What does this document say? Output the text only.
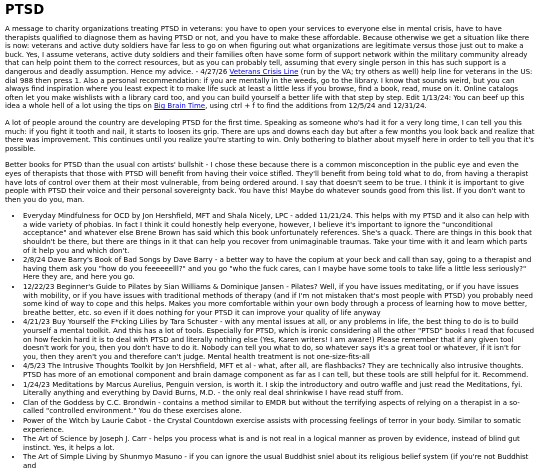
PTSD

A message to charity organizations treating PTSD in veterans: you have to open your services to everyone else in mental crisis, have to have therapists qualified to diagnose them as having PTSD or not, and you have to make these affordable. Because otherwise we get a situation like there is now: veterans and active duty soldiers have far less to go on when figuring out what organizations are legitimate versus those just out to make a buck. Yes, I assume veterans, active duty soldiers and their families often have some form of support network within the military community already that can help point them to the correct resources, but as you can probably tell, assuming that every single person in this has such support is a dangerous and deadly assumption. Hence my advice. - 4/27/26 Veterans Crisis Line (run by the VA; try others as well) help line for veterans in the US: dial 988 then press 1. Also a personal recommendation: if you are mentally in the weeds, go to the library. I know that sounds weird, but you can always find inspiration where you least expect it to make life suck at least a little less if you browse, find a book, read, muse on it. Online catalogs often let you make wishlists with a library card too, and you can build yourself a better life with that step by step. Edit 1/13/24: You can beef up this idea a whole hell of a lot using the tips on Big Brain Time, using ctrl + f to find the additions from 12/5/24 and 12/31/24.

A lot of people around the country are developing PTSD for the first time. Speaking as someone who's had it for a very long time, I can tell you this much: if you fight it tooth and nail, it starts to loosen its grip. There are ups and downs each day but after a few months you look back and realize that there was improvement. This continues until you realize you're starting to win. Only bothering to blather about myself here in order to tell you that it's possible.

Better books for PTSD than the usual con artists' bullshit - I chose these because there is a common misconception in the public eye and even the eyes of therapists that those with PTSD will benefit from having their voice stifled. They'll benefit from being told what to do, from having a therapist have lots of control over them at their most vulnerable, from being ordered around. I say that doesn't seem to be true. I think it is important to give people with PTSD their voice and their personal sovereignty back. You have this! Maybe do whatever sounds good from this list. If you don't want to then you do you, man.

• Everyday Mindfulness for OCD by Jon Hershfield, MFT and Shala Nicely, LPC - added 11/21/24. This helps with my PTSD and it also can help with a wide variety of phobias. In fact I think it could honestly help everyone, however, I believe it's important to ignore the "unconditional acceptance" and whatever else Brene Brown has said which this book unfortunately references. She's a quack. There are things in this book that shouldn't be there, but there are things in it that can help you recover from unimaginable traumas. Take your time with it and learn which parts of it help you and which don't.
• 2/8/24 Dave Barry's Book of Bad Songs by Dave Barry - a better way to have the copium at your beck and call than say, going to a therapist and having them ask you "how do you feeeeeelll?" and you go "who the fuck cares, can I maybe have some tools to take life a little less seriously?" Here they are, and here you go.
• 12/22/23 Beginner's Guide to Pilates by Sian Williams & Dominique Jansen - Pilates? Well, if you have issues meditating, or if you have issues with mobility, or if you have issues with traditional methods of therapy (and if I'm not mistaken that's most people with PTSD) you probably need some kind of way to cope and this helps. Makes you more comfortable within your own body through a process of learning how to move better, breathe better, etc. so even if it does nothing for your PTSD it can improve your quality of life anyway
• 4/21/23 Buy Yourself the F*cking Lilies by Tara Schuster - with any mental issues at all, or any problems in life, the best thing to do is to build yourself a mental toolkit. And this has a lot of tools. Especially for PTSD, which is ironic considering all the other "PTSD" books I read that focused on how feckin hard it is to deal with PTSD and literally nothing else (Yes, Karen writers! I am aware!) Please remember that if any given tool doesn't work for you, then you don't have to do it. Nobody can tell you what to do, so whatever says it's a great tool or whatever, if it isn't for you, then they aren't you and therefore can't judge. Mental health treatment is not one-size-fits-all
• 4/5/23 The Intrusive Thoughts Toolkit by Jon Hershfield, MFT et al - what, after all, are flashbacks? They are technically also intrusive thoughts. PTSD has more of an emotional component and brain damage component as far as I can tell, but these tools are still helpful for it. Recommend.
• 1/24/23 Meditations by Marcus Aurelius, Penguin version, is worth it. I skip the introductory and outro waffle and just read the Meditations, fyi. Literally anything and everything by David Burns, M.D. - the only real deal shrinkwise I have read stuff from.
• Clan of the Goddess by C.C. Brondwin - contains a method similar to EMDR but without the terrifying aspects of relying on a therapist in a so-called "controlled environment." You do these exercises alone.
• Power of the Witch by Laurie Cabot - the Crystal Countdown exercise assists with processing feelings of terror in your body. Similar to somatic experience.
• The Art of Science by Joseph J. Carr - helps you process what is and is not real in a logical manner as proven by evidence, instead of blind gut instinct. Yes, it helps a lot.
• The Art of Simple Living by Shunmyo Masuno - if you can ignore the usual Buddhist sniel about its religious belief system (if you're not Buddhist and
